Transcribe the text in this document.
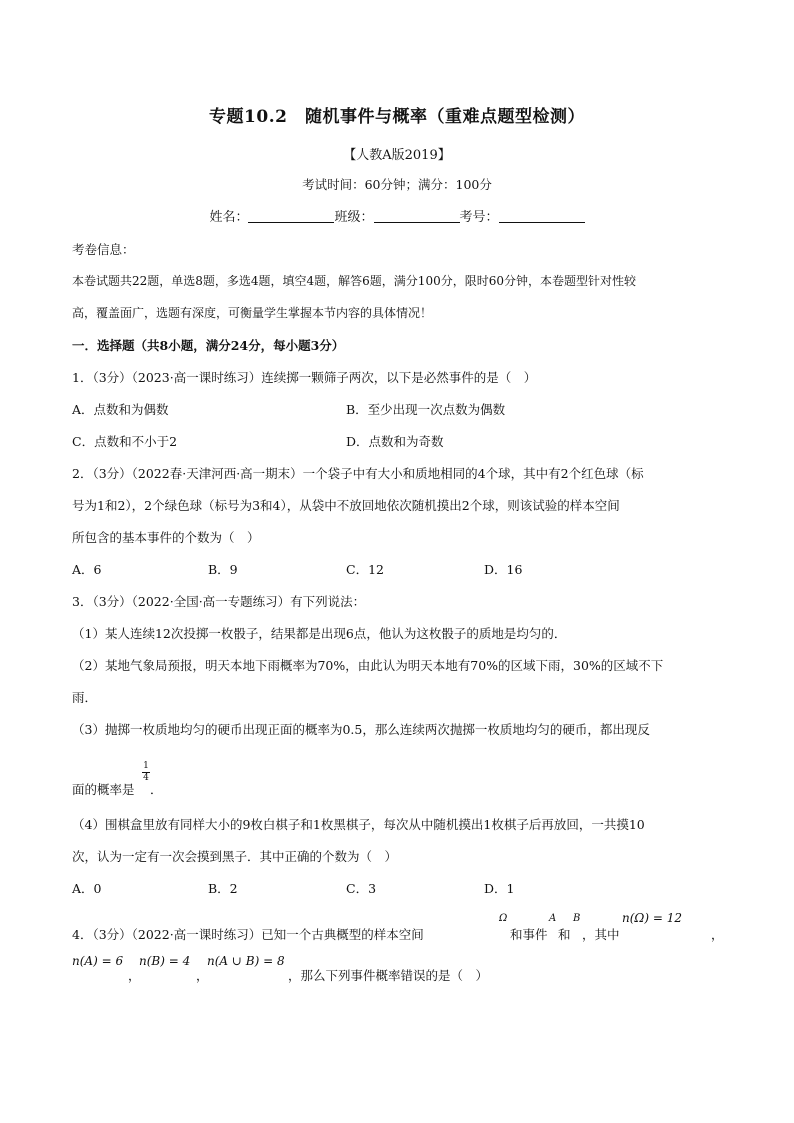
专题10.2　随机事件与概率（重难点题型检测）
【人教A版2019】
考试时间：60分钟；满分：100分
姓名：	班级：	考号：
考卷信息：
本卷试题共22题，单选8题，多选4题，填空4题，解答6题，满分100分，限时60分钟，本卷题型针对性较
高，覆盖面广，选题有深度，可衡量学生掌握本节内容的具体情况！
一．选择题（共8小题，满分24分，每小题3分）
1．（3分）（2023·高一课时练习）连续掷一颗筛子两次，以下是必然事件的是（　）
A．点数和为偶数	B．至少出现一次点数为偶数
C．点数和不小于2	D．点数和为奇数
2．（3分）（2022春·天津河西·高一期末）一个袋子中有大小和质地相同的4个球，其中有2个红色球（标
号为1和2），2个绿色球（标号为3和4），从袋中不放回地依次随机摸出2个球，则该试验的样本空间
所包含的基本事件的个数为（　）
A．6	B．9	C．12	D．16
3．（3分）（2022·全国·高一专题练习）有下列说法：
（1）某人连续12次投掷一枚骰子，结果都是出现6点，他认为这枚骰子的质地是均匀的．
（2）某地气象局预报，明天本地下雨概率为70%，由此认为明天本地有70%的区域下雨，30%的区域不下
雨．
（3）抛掷一枚质地均匀的硬币出现正面的概率为0.5，那么连续两次抛掷一枚质地均匀的硬币，都出现反
面的概率是
1
4
．
（4）围棋盒里放有同样大小的9枚白棋子和1枚黑棋子，每次从中随机摸出1枚棋子后再放回，一共摸10
次，认为一定有一次会摸到黑子．其中正确的个数为（　）
A．0	B．2	C．3	D．1
4．（3分）（2022·高一课时练习）已知一个古典概型的样本空间
Ω
和事件
A
和
B
，其中
n(Ω) = 12
，
n(A) = 6
，
n(B) = 4
，
n(A ∪ B) = 8
，那么下列事件概率错误的是（　）
